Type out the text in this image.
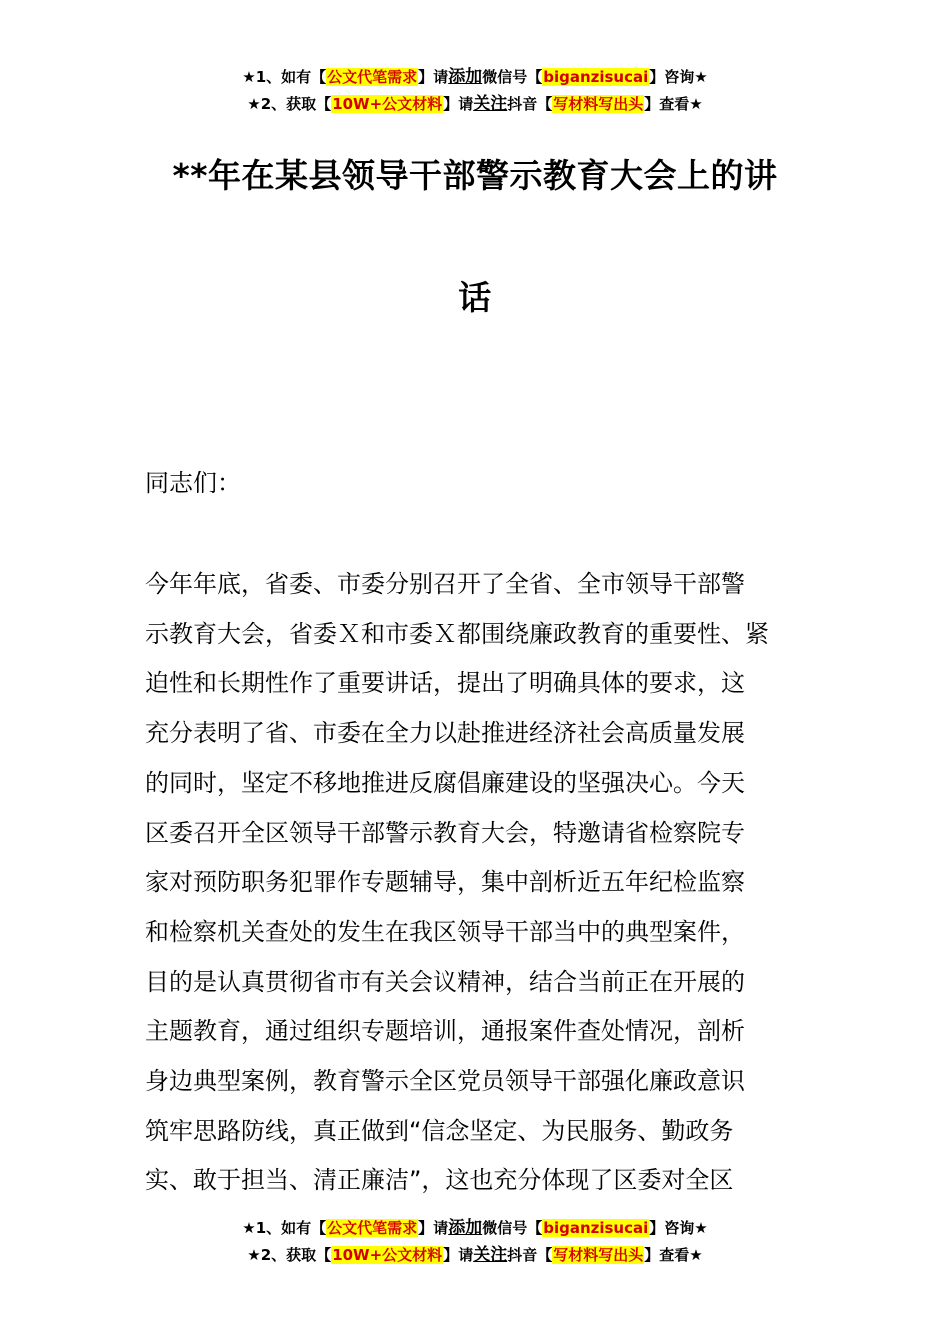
★1、如有【公文代笔需求】请添加微信号【biganzisucai】咨询★
★2、获取【10W+公文材料】请关注抖音【写材料写出头】查看★
**年在某县领导干部警示教育大会上的讲
话
同志们：
今年年底，省委、市委分别召开了全省、全市领导干部警
示教育大会，省委Ｘ和市委Ｘ都围绕廉政教育的重要性、紧
迫性和长期性作了重要讲话，提出了明确具体的要求，这
充分表明了省、市委在全力以赴推进经济社会高质量发展
的同时，坚定不移地推进反腐倡廉建设的坚强决心。今天
区委召开全区领导干部警示教育大会，特邀请省检察院专
家对预防职务犯罪作专题辅导，集中剖析近五年纪检监察
和检察机关查处的发生在我区领导干部当中的典型案件，
目的是认真贯彻省市有关会议精神，结合当前正在开展的
主题教育，通过组织专题培训，通报案件查处情况，剖析
身边典型案例，教育警示全区党员领导干部强化廉政意识
筑牢思路防线，真正做到“信念坚定、为民服务、勤政务
实、敢于担当、清正廉洁”，这也充分体现了区委对全区
★1、如有【公文代笔需求】请添加微信号【biganzisucai】咨询★
★2、获取【10W+公文材料】请关注抖音【写材料写出头】查看★
